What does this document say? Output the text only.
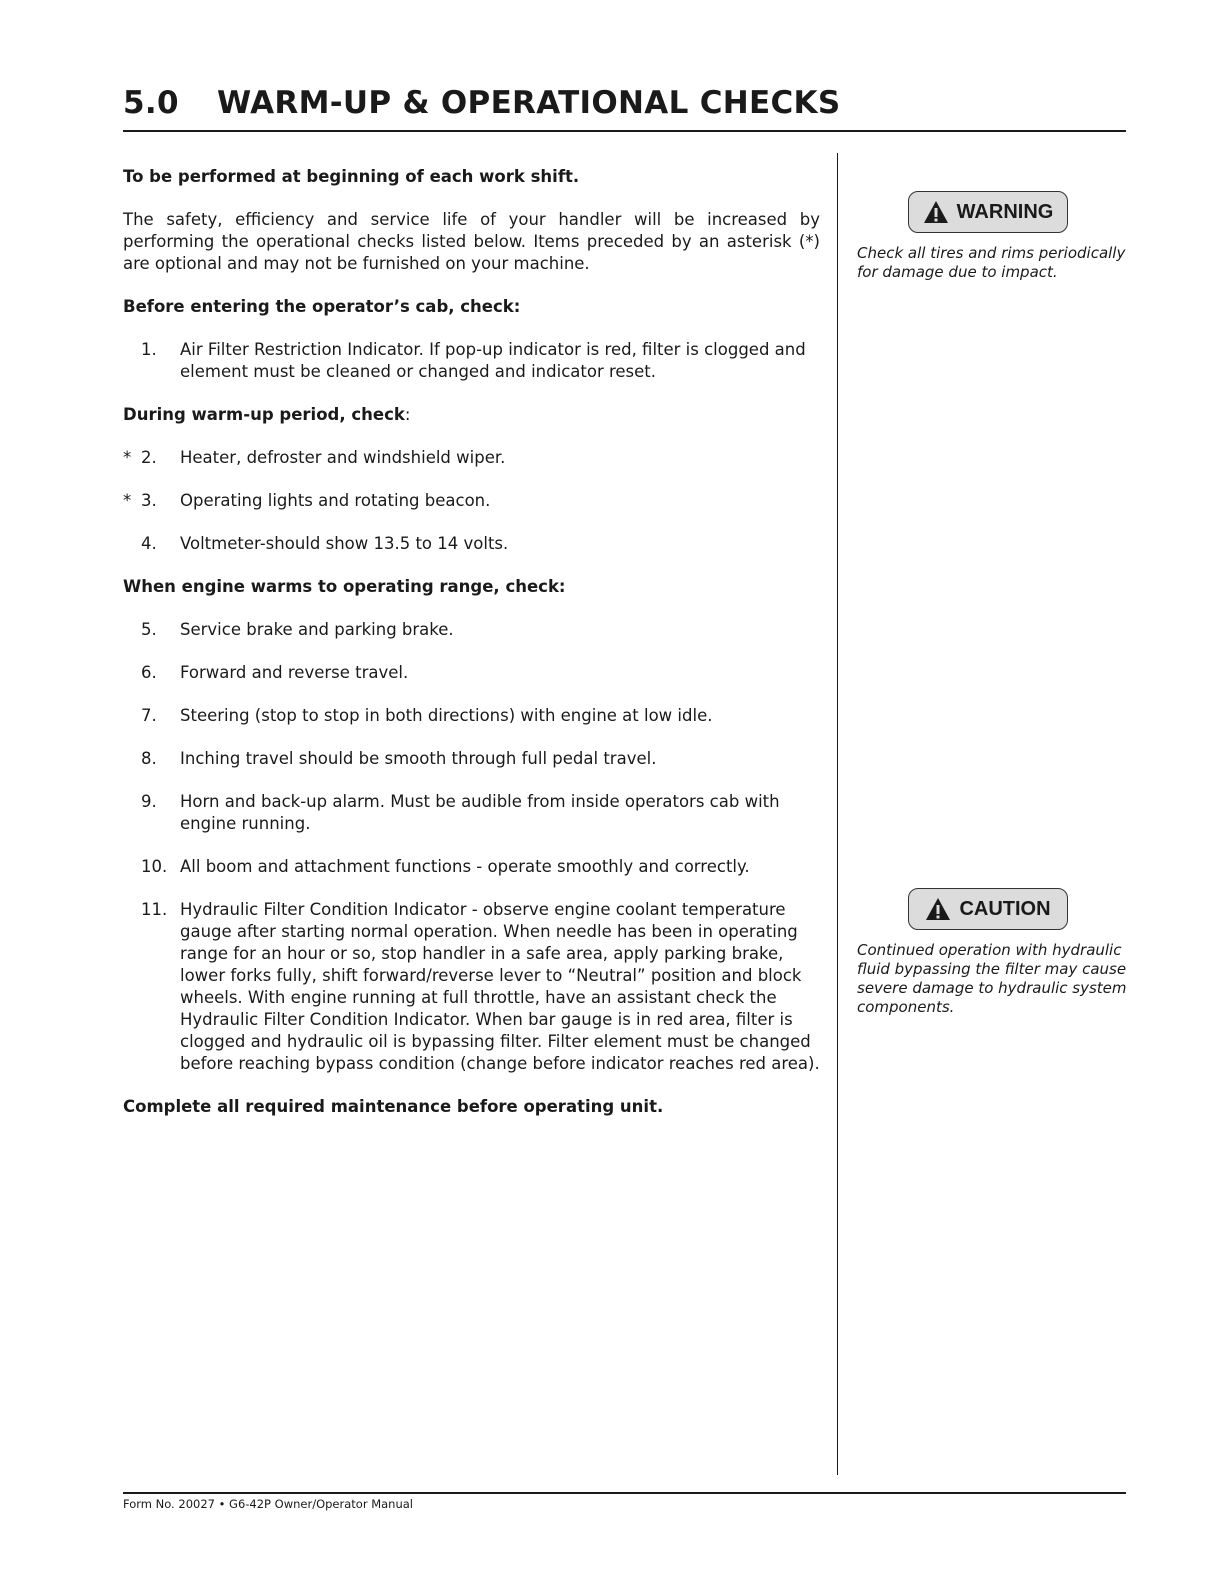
5.0 WARM-UP & OPERATIONAL CHECKS

To be performed at beginning of each work shift.

The safety, efficiency and service life of your handler will be increased by performing the operational checks listed below. Items preceded by an asterisk (*) are optional and may not be furnished on your machine.

Before entering the operator’s cab, check:

1.	Air Filter Restriction Indicator. If pop-up indicator is red, filter is clogged and element must be cleaned or changed and indicator reset.

During warm-up period, check:

* 2.	Heater, defroster and windshield wiper.
* 3.	Operating lights and rotating beacon.
4.	Voltmeter-should show 13.5 to 14 volts.

When engine warms to operating range, check:

5.	Service brake and parking brake.
6.	Forward and reverse travel.
7.	Steering (stop to stop in both directions) with engine at low idle.
8.	Inching travel should be smooth through full pedal travel.
9.	Horn and back-up alarm. Must be audible from inside operators cab with engine running.
10. All boom and attachment functions - operate smoothly and correctly.
11. Hydraulic Filter Condition Indicator - observe engine coolant temperature gauge after starting normal operation. When needle has been in operating range for an hour or so, stop handler in a safe area, apply parking brake, lower forks fully, shift forward/reverse lever to “Neutral” position and block wheels. With engine running at full throttle, have an assistant check the Hydraulic Filter Condition Indicator. When bar gauge is in red area, filter is clogged and hydraulic oil is bypassing filter. Filter element must be changed before reaching bypass condition (change before indicator reaches red area).

Complete all required maintenance before operating unit.

WARNING

Check all tires and rims periodically for damage due to impact.

CAUTION

Continued operation with hydraulic fluid bypassing the filter may cause severe damage to hydraulic system components.

Form No. 20027 • G6-42P Owner/Operator Manual
